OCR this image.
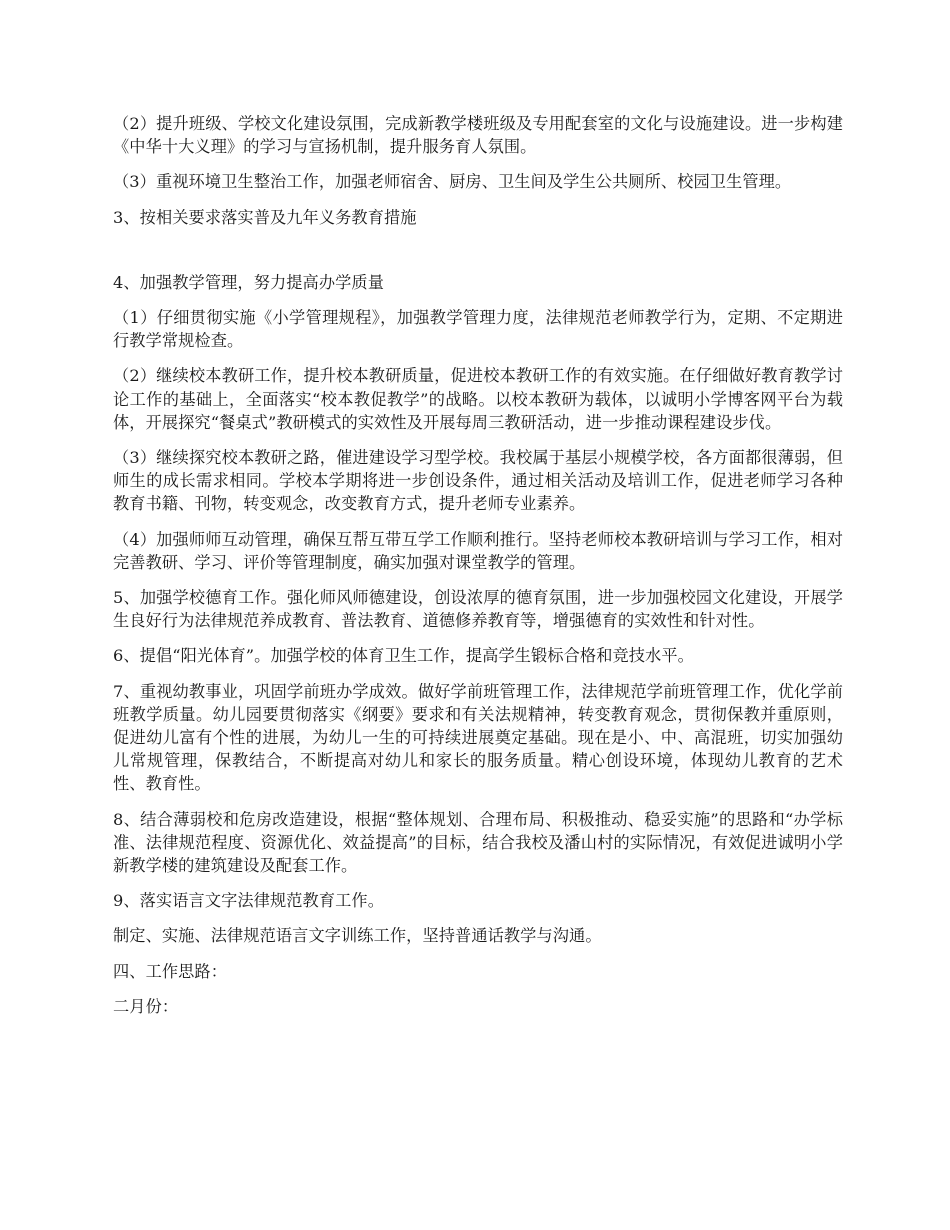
（2）提升班级、学校文化建设氛围，完成新教学楼班级及专用配套室的文化与设施建设。进一步构建《中华十大义理》的学习与宣扬机制，提升服务育人氛围。

（3）重视环境卫生整治工作，加强老师宿舍、厨房、卫生间及学生公共厕所、校园卫生管理。

3、按相关要求落实普及九年义务教育措施

4、加强教学管理，努力提高办学质量

（1）仔细贯彻实施《小学管理规程》，加强教学管理力度，法律规范老师教学行为，定期、不定期进行教学常规检查。

（2）继续校本教研工作，提升校本教研质量，促进校本教研工作的有效实施。在仔细做好教育教学讨论工作的基础上，全面落实“校本教促教学”的战略。以校本教研为载体，以诚明小学博客网平台为载体，开展探究“餐桌式”教研模式的实效性及开展每周三教研活动，进一步推动课程建设步伐。

（3）继续探究校本教研之路，催进建设学习型学校。我校属于基层小规模学校，各方面都很薄弱，但师生的成长需求相同。学校本学期将进一步创设条件，通过相关活动及培训工作，促进老师学习各种教育书籍、刊物，转变观念，改变教育方式，提升老师专业素养。

（4）加强师师互动管理，确保互帮互带互学工作顺利推行。坚持老师校本教研培训与学习工作，相对完善教研、学习、评价等管理制度，确实加强对课堂教学的管理。

5、加强学校德育工作。强化师风师德建设，创设浓厚的德育氛围，进一步加强校园文化建设，开展学生良好行为法律规范养成教育、普法教育、道德修养教育等，增强德育的实效性和针对性。

6、提倡“阳光体育”。加强学校的体育卫生工作，提高学生锻标合格和竞技水平。

7、重视幼教事业，巩固学前班办学成效。做好学前班管理工作，法律规范学前班管理工作，优化学前班教学质量。幼儿园要贯彻落实《纲要》要求和有关法规精神，转变教育观念，贯彻保教并重原则，促进幼儿富有个性的进展，为幼儿一生的可持续进展奠定基础。现在是小、中、高混班，切实加强幼儿常规管理，保教结合，不断提高对幼儿和家长的服务质量。精心创设环境，体现幼儿教育的艺术性、教育性。

8、结合薄弱校和危房改造建设，根据“整体规划、合理布局、积极推动、稳妥实施”的思路和“办学标准、法律规范程度、资源优化、效益提高”的目标，结合我校及潘山村的实际情况，有效促进诚明小学新教学楼的建筑建设及配套工作。

9、落实语言文字法律规范教育工作。

制定、实施、法律规范语言文字训练工作，坚持普通话教学与沟通。

四、工作思路：

二月份：
